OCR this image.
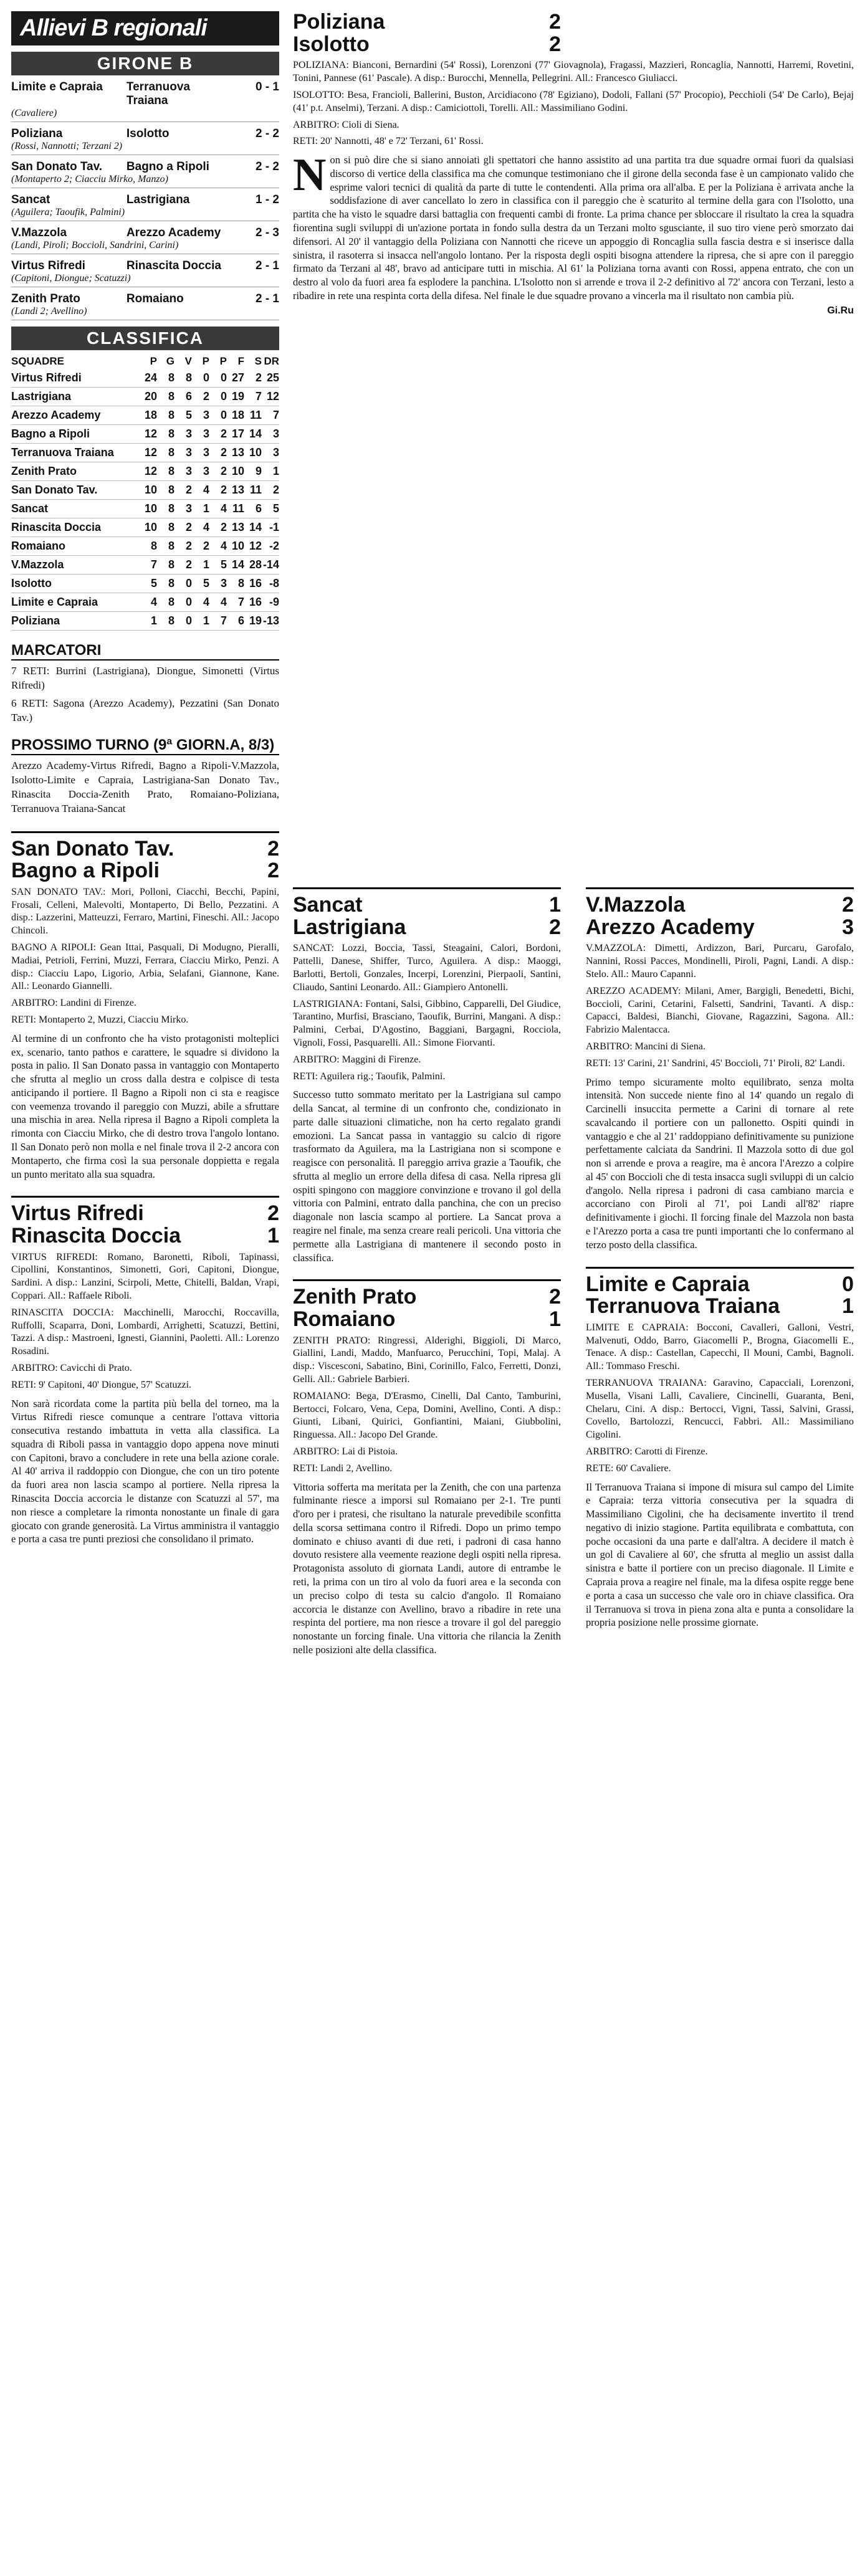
Allievi B regionali
GIRONE B
Limite e Capraia	Terranuova Traiana
0 - 1
(Cavaliere)
Poliziana	Isolotto	2 - 2
(Rossi, Nannotti; Terzani 2)
San Donato Tav.	Bagno a Ripoli	2 - 2
(Montaperto 2; Ciacciu Mirko, Manzo)
Sancat	Lastrigiana	1 - 2
(Aguilera; Taoufik, Palmini)
V.Mazzola	Arezzo Academy	2 - 3
(Landi, Piroli; Boccioli, Sandrini, Carini)
Virtus Rifredi	Rinascita Doccia	2 - 1
(Capitoni, Diongue; Scatuzzi)
Zenith Prato	Romaiano	2 - 1
(Landi 2; Avellino)
CLASSIFICA
SQUADRE	P	G	V	P	P	F	S	DR
Virtus Rifredi	24	8	8	0	0	27	2	25
Lastrigiana	20	8	6	2	0	19	7	12
Arezzo Academy	18	8	5	3	0	18	11	7
Bagno a Ripoli	12	8	3	3	2	17	14	3
Terranuova Traiana	12	8	3	3	2	13	10	3
Zenith Prato	12	8	3	3	2	10	9	1
San Donato Tav.	10	8	2	4	2	13	11	2
Sancat	10	8	3	1	4	11	6	5
Rinascita Doccia	10	8	2	4	2	13	14	-1
Romaiano	8	8	2	2	4	10	12	-2
V.Mazzola	7	8	2	1	5	14	28	-14
Isolotto	5	8	0	5	3	8	16	-8
Limite e Capraia	4	8	0	4	4	7	16	-9
Poliziana	1	8	0	1	7	6	19	-13
MARCATORI
7 RETI: Burrini (Lastrigiana), Diongue, Simonetti (Virtus Rifredi)
6 RETI: Sagona (Arezzo Academy), Pezzatini (San Donato Tav.)
PROSSIMO TURNO (9ª GIORN.A, 8/3)
Arezzo Academy-Virtus Rifredi, Bagno a Ripoli-V.Mazzola, Isolotto-Limite e Capraia, Lastrigiana-San Donato Tav., Rinascita Doccia-Zenith Prato, Romaiano-Poliziana, Terranuova Traiana-Sancat
San Donato Tav.	2
Bagno a Ripoli	2
SAN DONATO TAV.: Mori, Polloni, Ciacchi, Becchi, Papini, Frosali, Celleni, Malevolti, Montaperto, Di Bello, Pezzatini. A disp.: Lazzerini, Matteuzzi, Ferraro, Martini, Fineschi. All.: Jacopo Chincoli.
BAGNO A RIPOLI: Gean Ittai, Pasquali, Di Modugno, Pieralli, Madiai, Petrioli, Ferrini, Muzzi, Ferrara, Ciacciu Mirko, Penzi. A disp.: Ciacciu Lapo, Ligorio, Arbia, Selafani, Giannone, Kane. All.: Leonardo Giannelli.
ARBITRO: Landini di Firenze.
RETI: Montaperto 2, Muzzi, Ciacciu Mirko.
Al termine di un confronto che ha visto protagonisti molteplici ex, scenario, tanto pathos e carattere, le squadre si dividono la posta in palio. Il San Donato passa in vantaggio con Montaperto che sfrutta al meglio un cross dalla destra e colpisce di testa anticipando il portiere. Il Bagno a Ripoli non ci sta e reagisce con veemenza trovando il pareggio con Muzzi, abile a sfruttare una mischia in area. Nella ripresa il Bagno a Ripoli completa la rimonta con Ciacciu Mirko, che di destro trova l'angolo lontano. Il San Donato però non molla e nel finale trova il 2-2 ancora con Montaperto, che firma così la sua personale doppietta e regala un punto meritato alla sua squadra.
Virtus Rifredi	2
Rinascita Doccia	1
VIRTUS RIFREDI: Romano, Baronetti, Riboli, Tapinassi, Cipollini, Konstantinos, Simonetti, Gori, Capitoni, Diongue, Sardini. A disp.: Lanzini, Scirpoli, Mette, Chitelli, Baldan, Vrapi, Coppari. All.: Raffaele Riboli.
RINASCITA DOCCIA: Macchinelli, Marocchi, Roccavilla, Ruffolli, Scaparra, Doni, Lombardi, Arrighetti, Scatuzzi, Bettini, Tazzi. A disp.: Mastroeni, Ignesti, Giannini, Paoletti. All.: Lorenzo Rosadini.
ARBITRO: Cavicchi di Prato.
RETI: 9' Capitoni, 40' Diongue, 57' Scatuzzi.
Non sarà ricordata come la partita più bella del torneo, ma la Virtus Rifredi riesce comunque a centrare l'ottava vittoria consecutiva restando imbattuta in vetta alla classifica. La squadra di Riboli passa in vantaggio dopo appena nove minuti con Capitoni, bravo a concludere in rete una bella azione corale. Al 40' arriva il raddoppio con Diongue, che con un tiro potente da fuori area non lascia scampo al portiere. Nella ripresa la Rinascita Doccia accorcia le distanze con Scatuzzi al 57', ma non riesce a completare la rimonta nonostante un finale di gara giocato con grande generosità. La Virtus amministra il vantaggio e porta a casa tre punti preziosi che consolidano il primato.
Poliziana	2
Isolotto	2
POLIZIANA: Bianconi, Bernardini (54' Rossi), Lorenzoni (77' Giovagnola), Fragassi, Mazzieri, Roncaglia, Nannotti, Harremi, Rovetini, Tonini, Pannese (61' Pascale). A disp.: Burocchi, Mennella, Pellegrini. All.: Francesco Giuliacci.
ISOLOTTO: Besa, Francioli, Ballerini, Buston, Arcidiacono (78' Egiziano), Dodoli, Fallani (57' Procopio), Pecchioli (54' De Carlo), Bejaj (41' p.t. Anselmi), Terzani. A disp.: Camiciottoli, Torelli. All.: Massimiliano Godini.
ARBITRO: Cioli di Siena.
RETI: 20' Nannotti, 48' e 72' Terzani, 61' Rossi.
N on si può dire che si siano annoiati gli spettatori che hanno assistito ad una partita tra due squadre ormai fuori da qualsiasi discorso di vertice della classifica ma che comunque testimoniano che il girone della seconda fase è un campionato valido che esprime valori tecnici di qualità da parte di tutte le contendenti. Alla prima ora all'alba. E per la Poliziana è arrivata anche la soddisfazione di aver cancellato lo zero in classifica con il pareggio che è scaturito al termine della gara con l'Isolotto, una partita che ha visto le squadre darsi battaglia con frequenti cambi di fronte. La prima chance per sbloccare il risultato la crea la squadra fiorentina sugli sviluppi di un'azione portata in fondo sulla destra da un Terzani molto sgusciante, il suo tiro viene però smorzato dai difensori. Al 20' il vantaggio della Poliziana con Nannotti che riceve un appoggio di Roncaglia sulla fascia destra e si inserisce dalla sinistra, il rasoterra si insacca nell'angolo lontano. Per la risposta degli ospiti bisogna attendere la ripresa, che si apre con il pareggio firmato da Terzani al 48', bravo ad anticipare tutti in mischia. Al 61' la Poliziana torna avanti con Rossi, appena entrato, che con un destro al volo da fuori area fa esplodere la panchina. L'Isolotto non si arrende e trova il 2-2 definitivo al 72' ancora con Terzani, lesto a ribadire in rete una respinta corta della difesa. Nel finale le due squadre provano a vincerla ma il risultato non cambia più.
Gi.Ru
Sancat	1
Lastrigiana	2
SANCAT: Lozzi, Boccia, Tassi, Steagaini, Calori, Bordoni, Pattelli, Danese, Shiffer, Turco, Aguilera. A disp.: Maoggi, Barlotti, Bertoli, Gonzales, Incerpi, Lorenzini, Pierpaoli, Santini, Cliaudo, Santini Leonardo. All.: Giampiero Antonelli.
LASTRIGIANA: Fontani, Salsi, Gibbino, Capparelli, Del Giudice, Tarantino, Murfisi, Brasciano, Taoufik, Burrini, Mangani. A disp.: Palmini, Cerbai, D'Agostino, Baggiani, Bargagni, Rocciola, Vignoli, Fossi, Pasquarelli. All.: Simone Fiorvanti.
ARBITRO: Maggini di Firenze.
RETI: Aguilera rig.; Taoufik, Palmini.
Successo tutto sommato meritato per la Lastrigiana sul campo della Sancat, al termine di un confronto che, condizionato in parte dalle situazioni climatiche, non ha certo regalato grandi emozioni. La Sancat passa in vantaggio su calcio di rigore trasformato da Aguilera, ma la Lastrigiana non si scompone e reagisce con personalità. Il pareggio arriva grazie a Taoufik, che sfrutta al meglio un errore della difesa di casa. Nella ripresa gli ospiti spingono con maggiore convinzione e trovano il gol della vittoria con Palmini, entrato dalla panchina, che con un preciso diagonale non lascia scampo al portiere. La Sancat prova a reagire nel finale, ma senza creare reali pericoli. Una vittoria che permette alla Lastrigiana di mantenere il secondo posto in classifica.
Zenith Prato	2
Romaiano	1
ZENITH PRATO: Ringressi, Alderighi, Biggioli, Di Marco, Giallini, Landi, Maddo, Manfuarco, Perucchini, Topi, Malaj. A disp.: Viscesconi, Sabatino, Bini, Corinillo, Falco, Ferretti, Donzi, Gelli. All.: Gabriele Barbieri.
ROMAIANO: Bega, D'Erasmo, Cinelli, Dal Canto, Tamburini, Bertocci, Folcaro, Vena, Cepa, Domini, Avellino, Conti. A disp.: Giunti, Libani, Quirici, Gonfiantini, Maiani, Giubbolini, Ringuessa. All.: Jacopo Del Grande.
ARBITRO: Lai di Pistoia.
RETI: Landi 2, Avellino.
Vittoria sofferta ma meritata per la Zenith, che con una partenza fulminante riesce a imporsi sul Romaiano per 2-1. Tre punti d'oro per i pratesi, che risultano la naturale prevedibile sconfitta della scorsa settimana contro il Rifredi. Dopo un primo tempo dominato e chiuso avanti di due reti, i padroni di casa hanno dovuto resistere alla veemente reazione degli ospiti nella ripresa. Protagonista assoluto di giornata Landi, autore di entrambe le reti, la prima con un tiro al volo da fuori area e la seconda con un preciso colpo di testa su calcio d'angolo. Il Romaiano accorcia le distanze con Avellino, bravo a ribadire in rete una respinta del portiere, ma non riesce a trovare il gol del pareggio nonostante un forcing finale. Una vittoria che rilancia la Zenith nelle posizioni alte della classifica.
V.Mazzola	2
Arezzo Academy	3
V.MAZZOLA: Dimetti, Ardizzon, Bari, Purcaru, Garofalo, Nannini, Rossi Pacces, Mondinelli, Piroli, Pagni, Landi. A disp.: Stelo. All.: Mauro Capanni.
AREZZO ACADEMY: Milani, Amer, Bargigli, Benedetti, Bichi, Boccioli, Carini, Cetarini, Falsetti, Sandrini, Tavanti. A disp.: Capacci, Baldesi, Bianchi, Giovane, Ragazzini, Sagona. All.: Fabrizio Malentacca.
ARBITRO: Mancini di Siena.
RETI: 13' Carini, 21' Sandrini, 45' Boccioli, 71' Piroli, 82' Landi.
Primo tempo sicuramente molto equilibrato, senza molta intensità. Non succede niente fino al 14' quando un regalo di Carcinelli insuccita permette a Carini di tornare al rete scavalcando il portiere con un pallonetto. Ospiti quindi in vantaggio e che al 21' raddoppiano definitivamente su punizione perfettamente calciata da Sandrini. Il Mazzola sotto di due gol non si arrende e prova a reagire, ma è ancora l'Arezzo a colpire al 45' con Boccioli che di testa insacca sugli sviluppi di un calcio d'angolo. Nella ripresa i padroni di casa cambiano marcia e accorciano con Piroli al 71', poi Landi all'82' riapre definitivamente i giochi. Il forcing finale del Mazzola non basta e l'Arezzo porta a casa tre punti importanti che lo confermano al terzo posto della classifica.
Limite e Capraia	0
Terranuova Traiana	1
LIMITE E CAPRAIA: Bocconi, Cavalleri, Galloni, Vestri, Malvenuti, Oddo, Barro, Giacomelli P., Brogna, Giacomelli E., Tenace. A disp.: Castellan, Capecchi, Il Mouni, Cambi, Bagnoli. All.: Tommaso Freschi.
TERRANUOVA TRAIANA: Garavino, Capacciali, Lorenzoni, Musella, Visani Lalli, Cavaliere, Cincinelli, Guaranta, Beni, Chelaru, Cini. A disp.: Bertocci, Vigni, Tassi, Salvini, Grassi, Covello, Bartolozzi, Rencucci, Fabbri. All.: Massimiliano Cigolini.
ARBITRO: Carotti di Firenze.
RETE: 60' Cavaliere.
Il Terranuova Traiana si impone di misura sul campo del Limite e Capraia: terza vittoria consecutiva per la squadra di Massimiliano Cigolini, che ha decisamente invertito il trend negativo di inizio stagione. Partita equilibrata e combattuta, con poche occasioni da una parte e dall'altra. A decidere il match è un gol di Cavaliere al 60', che sfrutta al meglio un assist dalla sinistra e batte il portiere con un preciso diagonale. Il Limite e Capraia prova a reagire nel finale, ma la difesa ospite regge bene e porta a casa un successo che vale oro in chiave classifica. Ora il Terranuova si trova in piena zona alta e punta a consolidare la propria posizione nelle prossime giornate.
